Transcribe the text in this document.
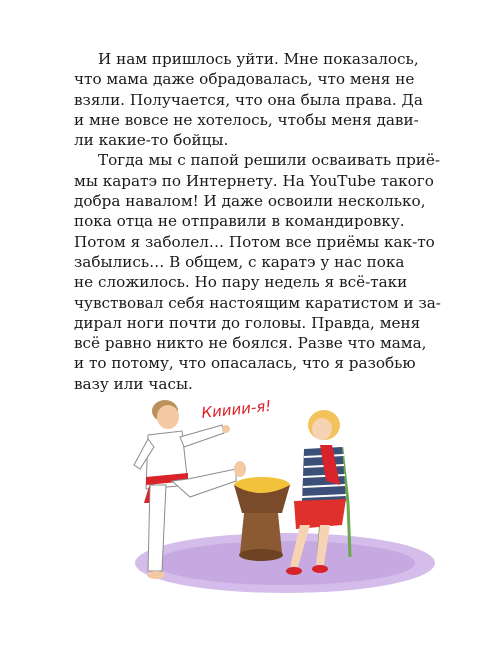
И нам пришлось уйти. Мне показалось,
что мама даже обрадовалась, что меня не
взяли. Получается, что она была права. Да
и мне вовсе не хотелось, чтобы меня дави-
ли какие-то бойцы.

Тогда мы с папой решили осваивать приё-
мы каратэ по Интернету. На YouTube такого
добра навалом! И даже освоили несколько,
пока отца не отправили в командировку.
Потом я заболел… Потом все приёмы как-то
забылись… В общем, с каратэ у нас пока
не сложилось. Но пару недель я всё-таки
чувствовал себя настоящим каратистом и за-
дирал ноги почти до головы. Правда, меня
всё равно никто не боялся. Разве что мама,
и то потому, что опасалась, что я разобью
вазу или часы.

Кииии-я!
